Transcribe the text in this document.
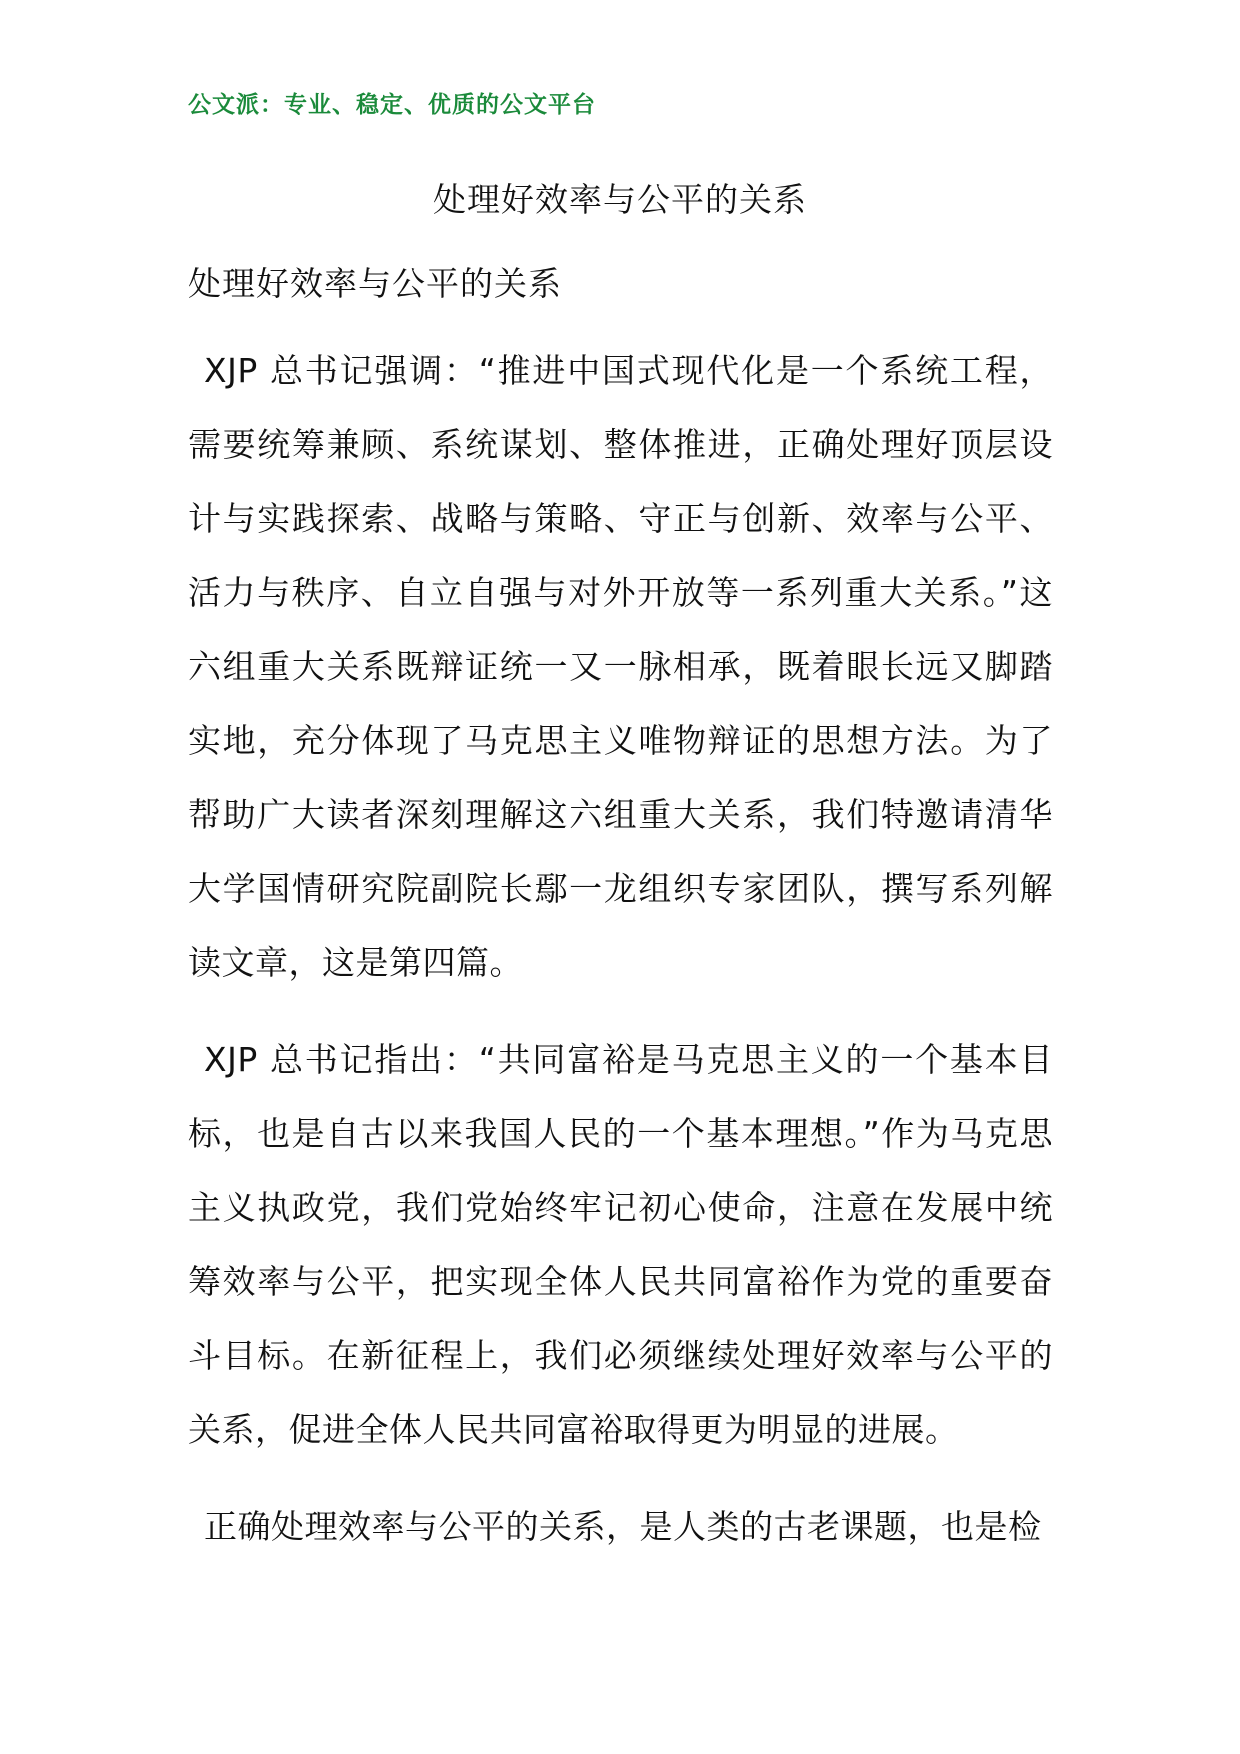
公文派：专业、稳定、优质的公文平台
处理好效率与公平的关系
处理好效率与公平的关系

XJP 总书记强调：“推进中国式现代化是一个系统工程，需要统筹兼顾、系统谋划、整体推进，正确处理好顶层设计与实践探索、战略与策略、守正与创新、效率与公平、活力与秩序、自立自强与对外开放等一系列重大关系。”这六组重大关系既辩证统一又一脉相承，既着眼长远又脚踏实地，充分体现了马克思主义唯物辩证的思想方法。为了帮助广大读者深刻理解这六组重大关系，我们特邀请清华大学国情研究院副院长鄢一龙组织专家团队，撰写系列解读文章，这是第四篇。

XJP 总书记指出：“共同富裕是马克思主义的一个基本目标，也是自古以来我国人民的一个基本理想。”作为马克思主义执政党，我们党始终牢记初心使命，注意在发展中统筹效率与公平，把实现全体人民共同富裕作为党的重要奋斗目标。在新征程上，我们必须继续处理好效率与公平的关系，促进全体人民共同富裕取得更为明显的进展。

正确处理效率与公平的关系，是人类的古老课题，也是检
